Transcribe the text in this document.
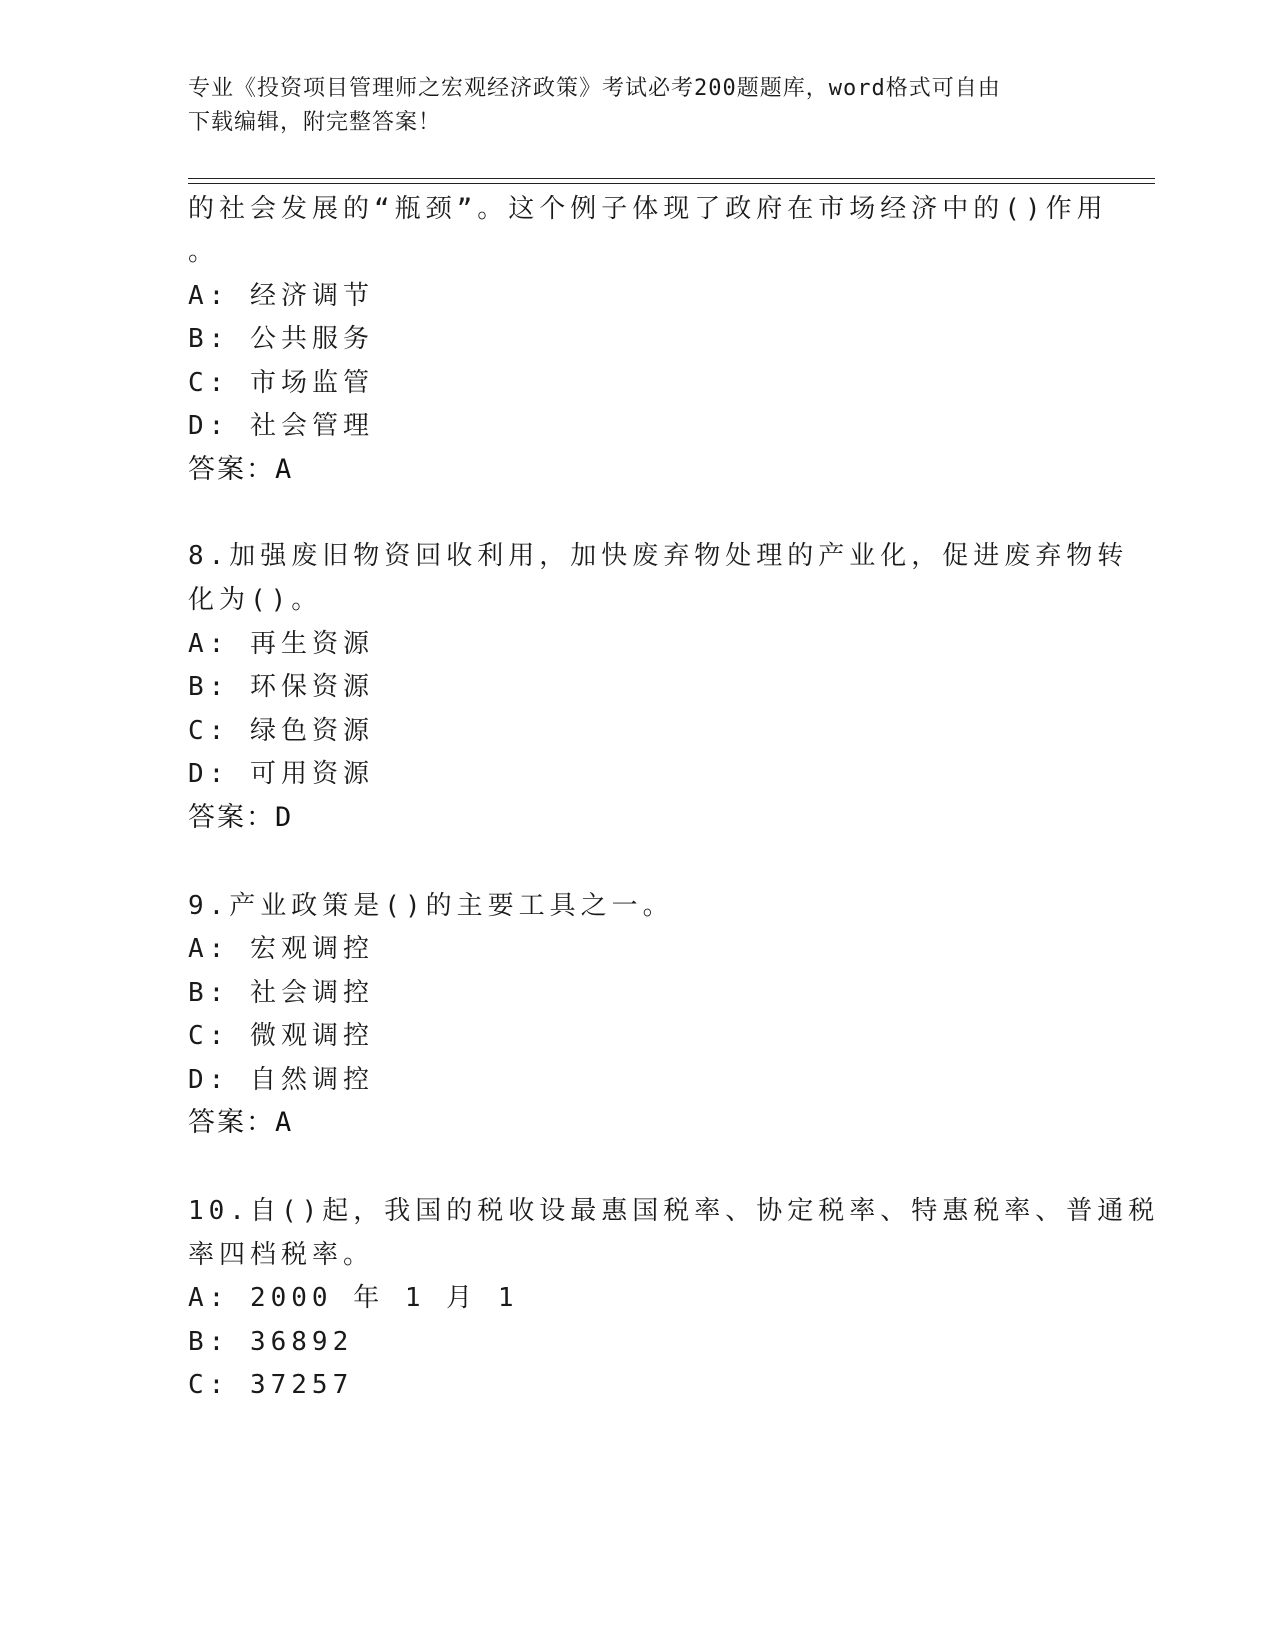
专业《投资项目管理师之宏观经济政策》考试必考200题题库，word格式可自由
下载编辑，附完整答案！
的社会发展的“瓶颈”。这个例子体现了政府在市场经济中的()作用
。
A: 经济调节
B: 公共服务
C: 市场监管
D: 社会管理
答案：A
8.加强废旧物资回收利用，加快废弃物处理的产业化，促进废弃物转
化为()。
A: 再生资源
B: 环保资源
C: 绿色资源
D: 可用资源
答案：D
9.产业政策是()的主要工具之一。
A: 宏观调控
B: 社会调控
C: 微观调控
D: 自然调控
答案：A
10.自()起，我国的税收设最惠国税率、协定税率、特惠税率、普通税
率四档税率。
A: 2000 年 1 月 1
B: 36892
C: 37257
